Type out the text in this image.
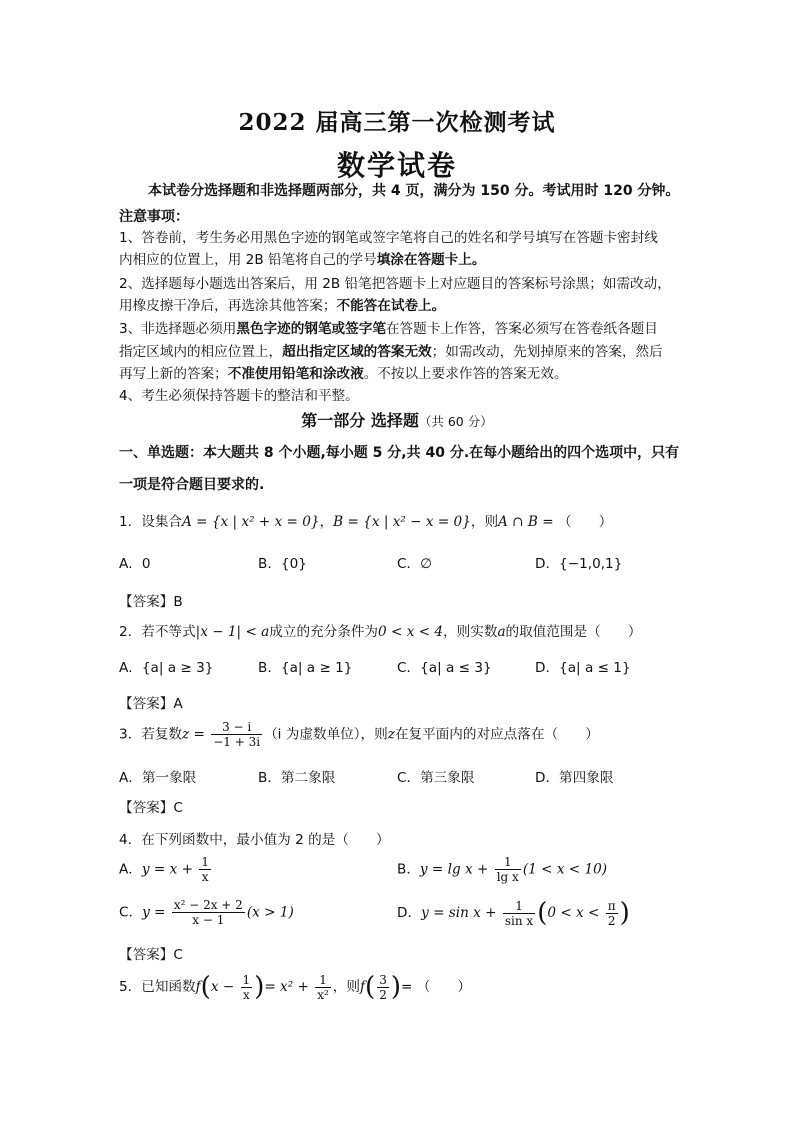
2022 届高三第一次检测考试
数学试卷
本试卷分选择题和非选择题两部分，共 4 页，满分为 150 分。考试用时 120 分钟。
注意事项：
1、答卷前，考生务必用黑色字迹的钢笔或签字笔将自己的姓名和学号填写在答题卡密封线
内相应的位置上，用 2B 铅笔将自己的学号填涂在答题卡上。
2、选择题每小题选出答案后，用 2B 铅笔把答题卡上对应题目的答案标号涂黑；如需改动，
用橡皮擦干净后，再选涂其他答案；不能答在试卷上。
3、非选择题必须用黑色字迹的钢笔或签字笔在答题卡上作答，答案必须写在答卷纸各题目
指定区域内的相应位置上，超出指定区域的答案无效；如需改动，先划掉原来的答案，然后
再写上新的答案；不准使用铅笔和涂改液。不按以上要求作答的答案无效。
4、考生必须保持答题卡的整洁和平整。
第一部分 选择题（共 60 分）
一、单选题：本大题共 8 个小题,每小题 5 分,共 40 分.在每小题给出的四个选项中，只有
一项是符合题目要求的.
1．设集合A = {x | x² + x = 0}，B = {x | x² − x = 0}，则A ∩ B = （　　）
A．0	B．{0}	C．∅	D．{−1,0,1}
【答案】B
2．若不等式|x − 1| < a成立的充分条件为0 < x < 4，则实数a的取值范围是（　　）
A．{a| a ≥ 3}	B．{a| a ≥ 1}	C．{a| a ≤ 3}	D．{a| a ≤ 1}
【答案】A
3．若复数$z = \frac{3 - i}{-1 + 3i} (i$ 为虚数单位），则z在复平面内的对应点落在（　　）
A．第一象限	B．第二象限	C．第三象限	D．第四象限
【答案】C
4．在下列函数中，最小值为 2 的是（　　）
A．$y = x + \frac{1}{x}$	B．$y = \lg x + \frac{1}{\text{lg x}} (1 < x < 10)$
C．$y = \frac{\text{x² − 2x + 2}}{x - 1} (x > 1)$	D．$y = \sin x + \frac{1}{\text{sin x}} (0 < x < \frac{\pi}{2}$ )
【答案】C
5．已知函数$f(x - \frac{1}{x}$ )= $x^2 + \frac{1}{\text{x²}}$ ，则$f( \frac{3}{2}$ )= （　　）
